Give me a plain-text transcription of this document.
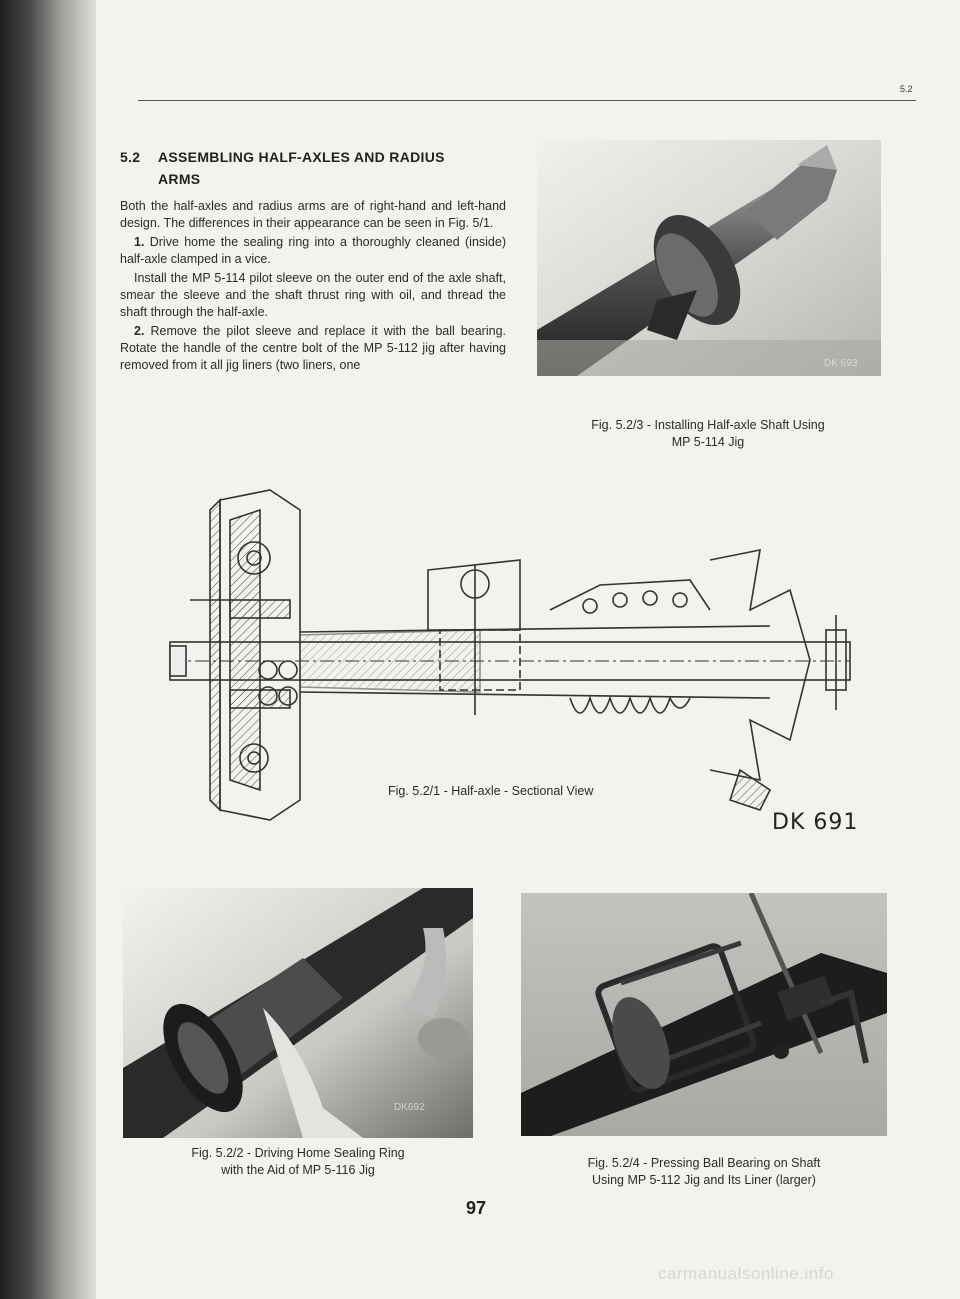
5.2
5.2 ASSEMBLING HALF-AXLES AND RADIUS
ARMS

Both the half-axles and radius arms are of right-hand and left-hand design. The differences in their appearance can be seen in Fig. 5/1.

1. Drive home the sealing ring into a thoroughly cleaned (inside) half-axle clamped in a vice.

Install the MP 5-114 pilot sleeve on the outer end of the axle shaft, smear the sleeve and the shaft thrust ring with oil, and thread the shaft through the half-axle.

2. Remove the pilot sleeve and replace it with the ball bearing. Rotate the handle of the centre bolt of the MP 5-112 jig after having removed from it all jig liners (two liners, one	DK 693
Fig. 5.2/3 - Installing Half-axle Shaft Using
MP 5-114 Jig
Fig. 5.2/1 - Half-axle - Sectional View
DK 691
DK692
Fig. 5.2/2 - Driving Home Sealing Ring
with the Aid of MP 5-116 Jig	Fig. 5.2/4 - Pressing Ball Bearing on Shaft
Using MP 5-112 Jig and Its Liner (larger)
97
carmanualsonline.info
